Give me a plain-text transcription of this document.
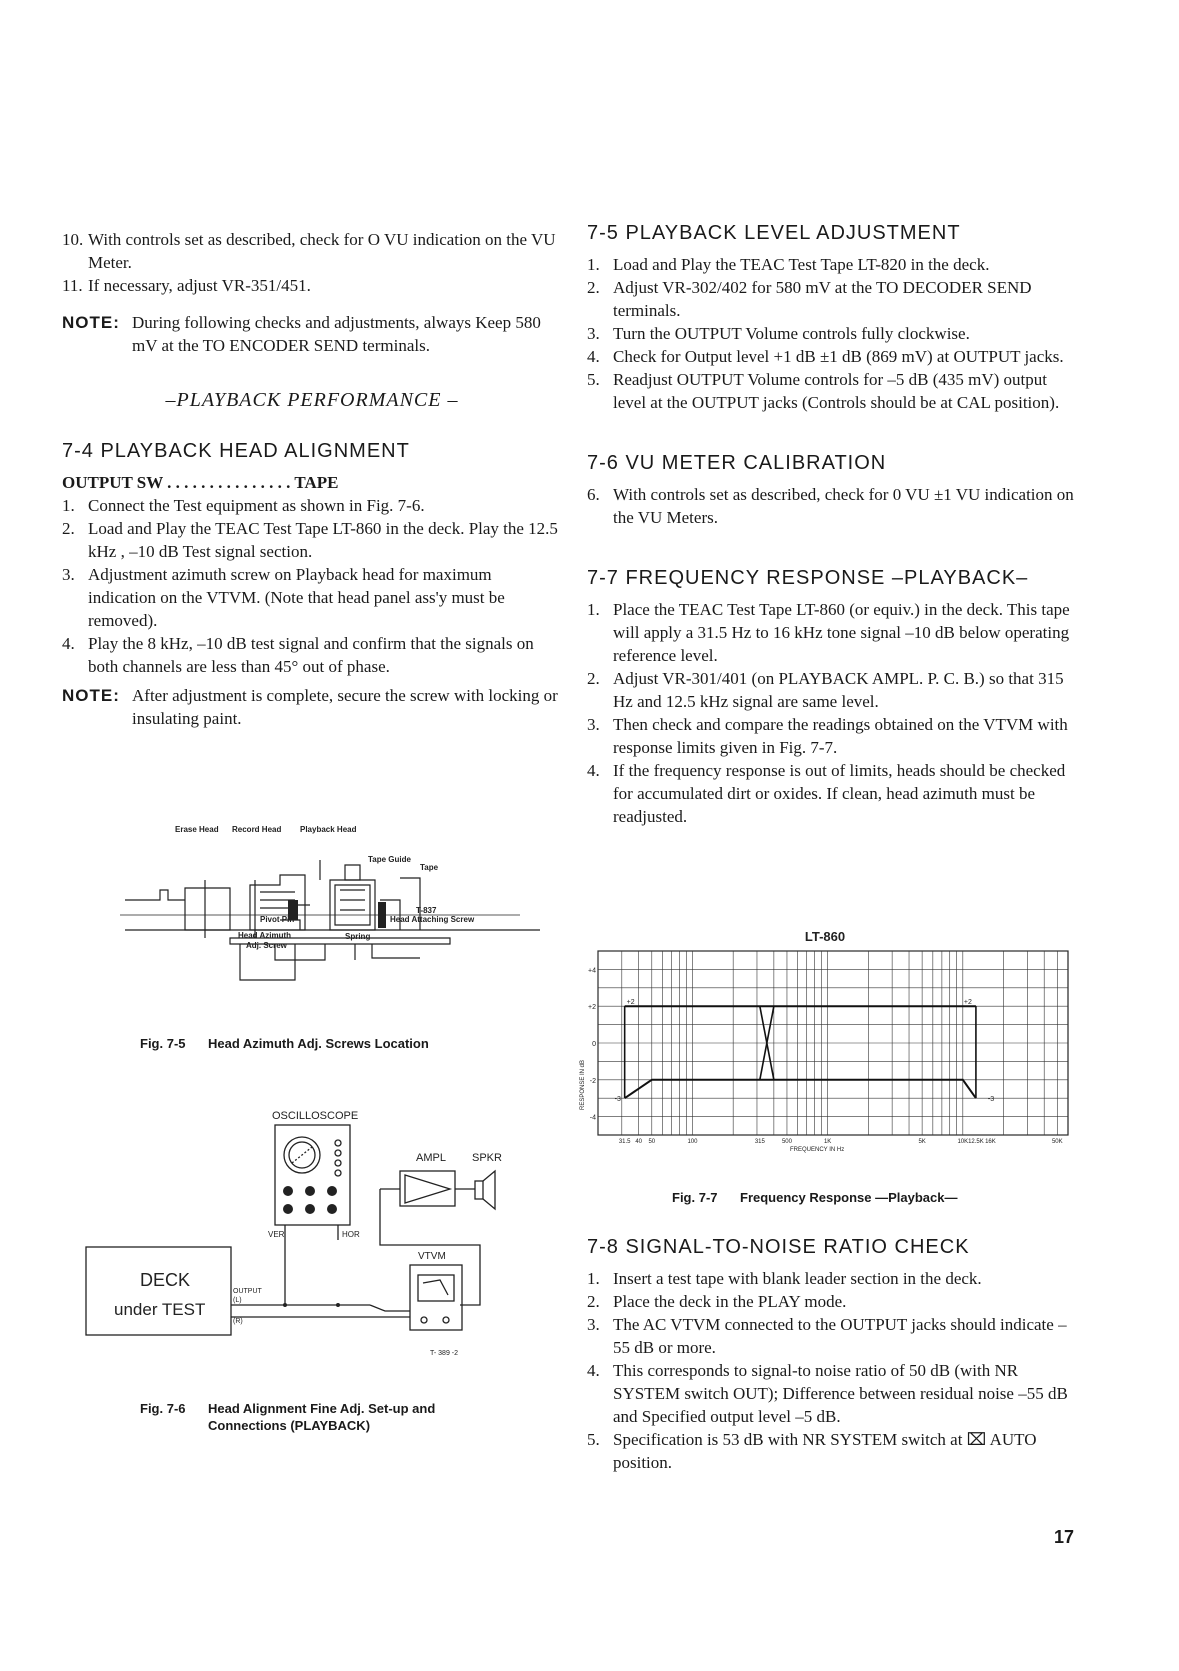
10. With controls set as described, check for O VU indication on the VU Meter.
11. If necessary, adjust VR-351/451.
NOTE: During following checks and adjustments, always Keep 580 mV at the TO ENCODER SEND terminals.
–PLAYBACK PERFORMANCE –
7-4 PLAYBACK HEAD ALIGNMENT
OUTPUT SW . . . . . . . . . . . . . . . TAPE
1. Connect the Test equipment as shown in Fig. 7-6.
2. Load and Play the TEAC Test Tape LT-860 in the deck. Play the 12.5 kHz , –10 dB Test signal section.
3. Adjustment azimuth screw on Playback head for maximum indication on the VTVM. (Note that head panel ass'y must be removed).
4. Play the 8 kHz, –10 dB test signal and confirm that the signals on both channels are less than 45° out of phase.
NOTE: After adjustment is complete, secure the screw with locking or insulating paint.
Erase Head Record Head Playback Head
Tape Guide
Tape
T-837
Pivot Pin	Head Attaching Screw
Head Azimuth
Adj. Screw
Spring
Fig. 7-5 Head Azimuth Adj. Screws Location
OSCILLOSCOPE
AMPL SPKR
VER	HOR
VTVM
DECK
under TEST
OUTPUT
(L)
(R)
T- 389 -2
Fig. 7-6 Head Alignment Fine Adj. Set-up and
Connections (PLAYBACK)
7-5 PLAYBACK LEVEL ADJUSTMENT
1. Load and Play the TEAC Test Tape LT-820 in the deck.
2. Adjust VR-302/402 for 580 mV at the TO DECODER SEND terminals.
3. Turn the OUTPUT Volume controls fully clockwise.
4. Check for Output level +1 dB ±1 dB (869 mV) at OUTPUT jacks.
5. Readjust OUTPUT Volume controls for –5 dB (435 mV) output level at the OUTPUT jacks (Controls should be at CAL position).
7-6 VU METER CALIBRATION
6. With controls set as described, check for 0 VU ±1 VU indication on the VU Meters.
7-7 FREQUENCY RESPONSE –PLAYBACK–
1. Place the TEAC Test Tape LT-860 (or equiv.) in the deck. This tape will apply a 31.5 Hz to 16 kHz tone signal –10 dB below operating reference level.
2. Adjust VR-301/401 (on PLAYBACK AMPL. P. C. B.) so that 315 Hz and 12.5 kHz signal are same level.
3. Then check and compare the readings obtained on the VTVM with response limits given in Fig. 7-7.
4. If the frequency response is out of limits, heads should be checked for accumulated dirt or oxides. If clean, head azimuth must be readjusted.
LT-860
FREQUENCY IN Hz
RESPONSE IN dB
+4
+2
0
-2
-4
31.5 40 50	100	315	500	1K	5K	10K 12.5K 16K	50K
+2	+2
-3	-3
Fig. 7-7 Frequency Response —Playback—
7-8 SIGNAL-TO-NOISE RATIO CHECK
1. Insert a test tape with blank leader section in the deck.
2. Place the deck in the PLAY mode.
3. The AC VTVM connected to the OUTPUT jacks should indicate –55 dB or more.
4. This corresponds to signal-to noise ratio of 50 dB (with NR SYSTEM switch OUT); Difference between residual noise –55 dB and Specified output level –5 dB.
5. Specification is 53 dB with NR SYSTEM switch at ⌧ AUTO position.
17
